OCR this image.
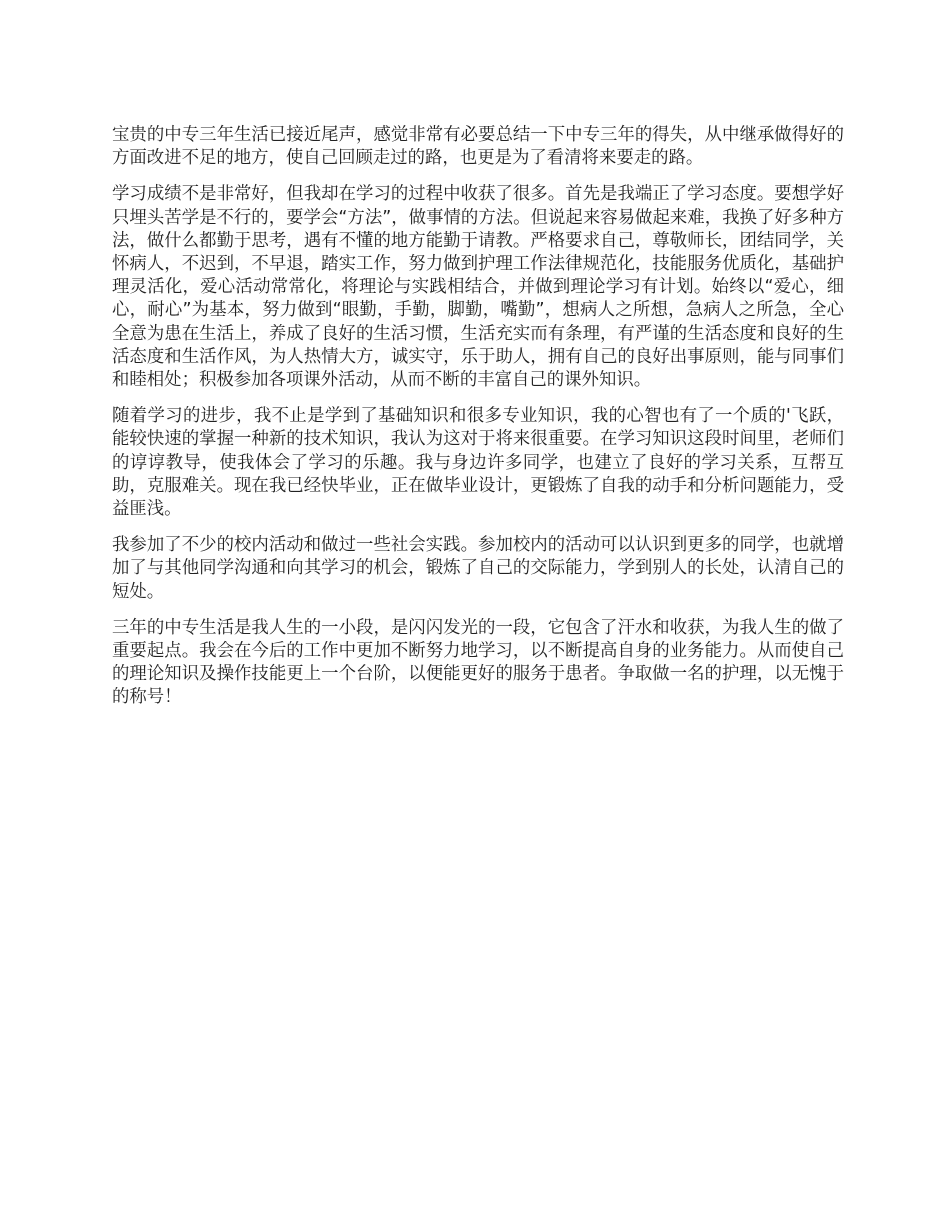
宝贵的中专三年生活已接近尾声，感觉非常有必要总结一下中专三年的得失，从中继承做得好的方面改进不足的地方，使自己回顾走过的路，也更是为了看清将来要走的路。

学习成绩不是非常好，但我却在学习的过程中收获了很多。首先是我端正了学习态度。要想学好只埋头苦学是不行的，要学会“方法”，做事情的方法。但说起来容易做起来难，我换了好多种方法，做什么都勤于思考，遇有不懂的地方能勤于请教。严格要求自己，尊敬师长，团结同学，关怀病人，不迟到，不早退，踏实工作，努力做到护理工作法律规范化，技能服务优质化，基础护理灵活化，爱心活动常常化，将理论与实践相结合，并做到理论学习有计划。始终以“爱心，细心，耐心”为基本，努力做到“眼勤，手勤，脚勤，嘴勤”，想病人之所想，急病人之所急，全心全意为患在生活上，养成了良好的生活习惯，生活充实而有条理，有严谨的生活态度和良好的生活态度和生活作风，为人热情大方，诚实守，乐于助人，拥有自己的良好出事原则，能与同事们和睦相处；积极参加各项课外活动，从而不断的丰富自己的课外知识。

随着学习的进步，我不止是学到了基础知识和很多专业知识，我的心智也有了一个质的'飞跃，能较快速的掌握一种新的技术知识，我认为这对于将来很重要。在学习知识这段时间里，老师们的谆谆教导，使我体会了学习的乐趣。我与身边许多同学，也建立了良好的学习关系，互帮互助，克服难关。现在我已经快毕业，正在做毕业设计，更锻炼了自我的动手和分析问题能力，受益匪浅。

我参加了不少的校内活动和做过一些社会实践。参加校内的活动可以认识到更多的同学，也就增加了与其他同学沟通和向其学习的机会，锻炼了自己的交际能力，学到别人的长处，认清自己的短处。

三年的中专生活是我人生的一小段，是闪闪发光的一段，它包含了汗水和收获，为我人生的做了重要起点。我会在今后的工作中更加不断努力地学习，以不断提高自身的业务能力。从而使自己的理论知识及操作技能更上一个台阶，以便能更好的服务于患者。争取做一名的护理，以无愧于的称号！
